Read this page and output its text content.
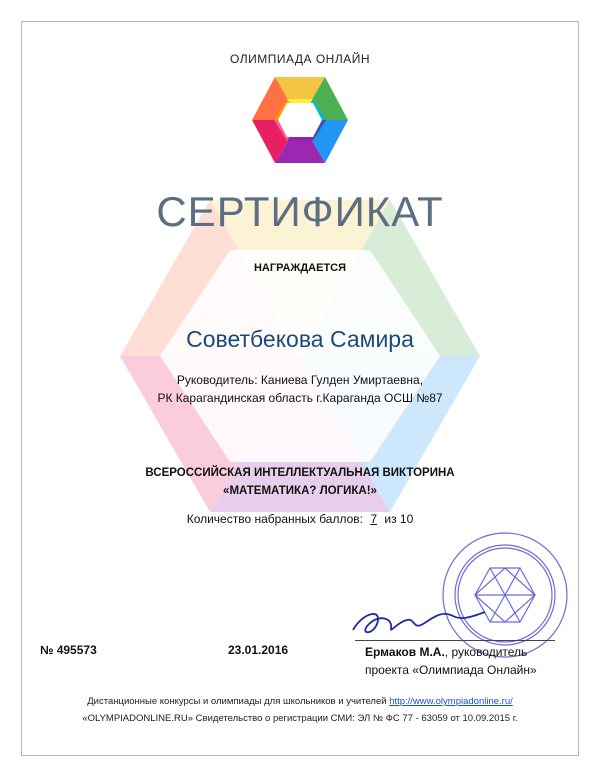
ОЛИМПИАДА ОНЛАЙН
СЕРТИФИКАТ
НАГРАЖДАЕТСЯ
Советбекова Самира
Руководитель: Каниева Гулден Умиртаевна,
РК Карагандинская область г.Караганда ОСШ №87
ВСЕРОССИЙСКАЯ ИНТЕЛЛЕКТУАЛЬНАЯ ВИКТОРИНА
«МАТЕМАТИКА? ЛОГИКА!»
Количество набранных баллов: 7 из 10
№ 495573	23.01.2016	Ермаков М.А., руководитель
проекта «Олимпиада Онлайн»
Дистанционные конкурсы и олимпиады для школьников и учителей http://www.olympiadonline.ru/
«OLYMPIADONLINE.RU» Свидетельство о регистрации СМИ: ЭЛ № ФС 77 - 63059 от 10.09.2015 г.
